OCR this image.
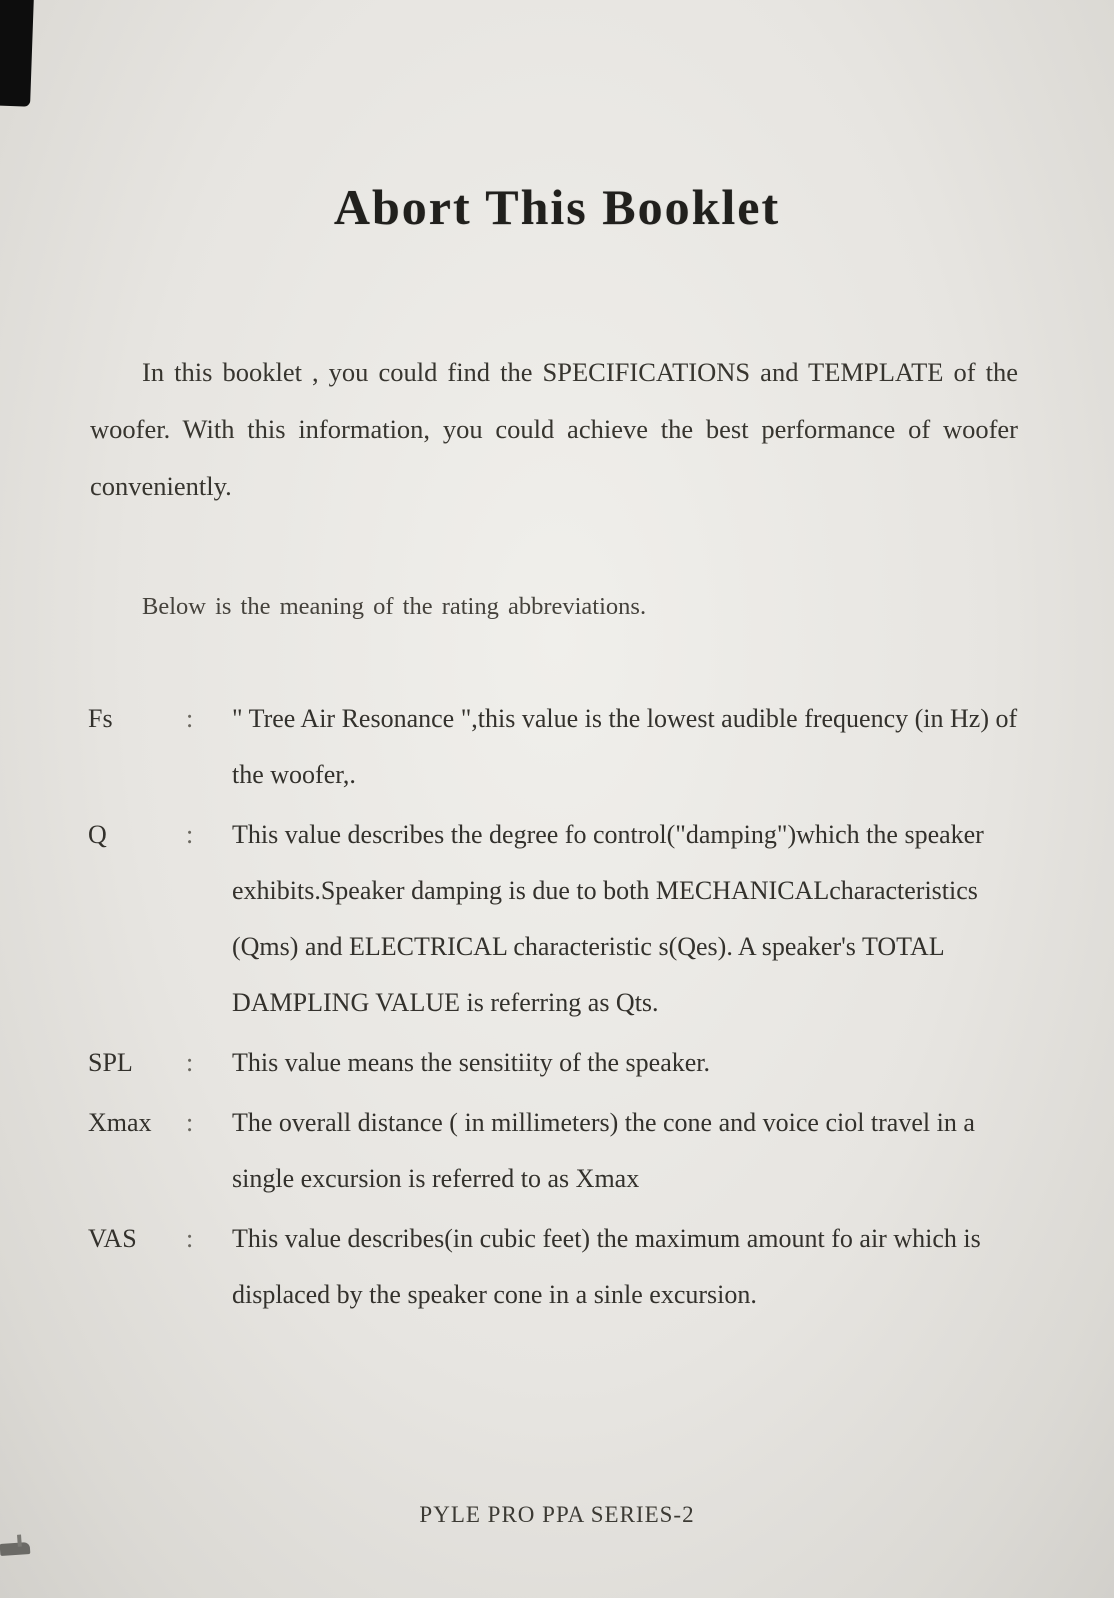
Abort This Booklet

In this booklet , you could find the SPECIFICATIONS and TEMPLATE of the woofer. With this information, you could achieve the best performance of woofer conveniently.

Below is the meaning of the rating abbreviations.

Fs	:	" Tree Air Resonance ",this value is the lowest audible frequency (in Hz) of the woofer,.
Q	:	This value describes the degree fo control("damping")which the speaker exhibits.Speaker damping is due to both MECHANICALcharacteristics (Qms) and ELECTRICAL characteristic s(Qes). A speaker's TOTAL DAMPLING VALUE is referring as Qts.
SPL	:	This value means the sensitiity of the speaker.
Xmax	:	The overall distance ( in millimeters) the cone and voice ciol travel in a single excursion is referred to as Xmax
VAS	:	This value describes(in cubic feet) the maximum amount fo air which is displaced by the speaker cone in a sinle excursion.
PYLE PRO PPA SERIES-2
